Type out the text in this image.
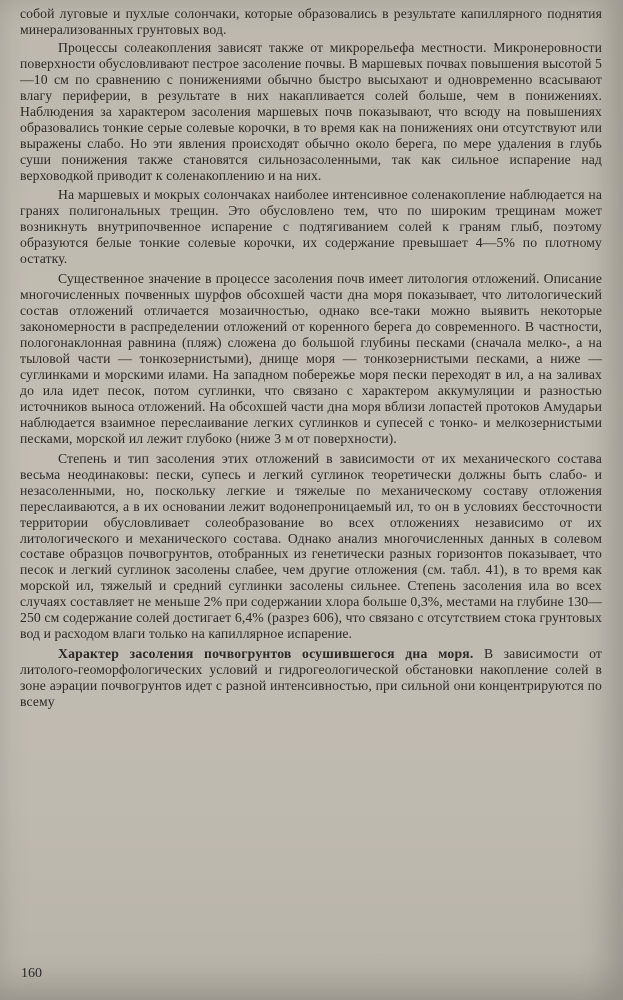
собой луговые и пухлые солончаки, которые образовались в результате капиллярного поднятия минерализованных грунтовых вод.

Процессы солеакопления зависят также от микрорельефа местности. Микронеровности поверхности обусловливают пестрое засоление почвы. В маршевых почвах повышения высотой 5—10 см по сравнению с понижениями обычно быстро высыхают и одновременно всасывают влагу периферии, в результате в них накапливается солей больше, чем в понижениях. Наблюдения за характером засоления маршевых почв показывают, что всюду на повышениях образовались тонкие серые солевые корочки, в то время как на понижениях они отсутствуют или выражены слабо. Но эти явления происходят обычно около берега, по мере удаления в глубь суши понижения также становятся сильнозасоленными, так как сильное испарение над верховодкой приводит к соленакоплению и на них.

На маршевых и мокрых солончаках наиболее интенсивное соленакопление наблюдается на гранях полигональных трещин. Это обусловлено тем, что по широким трещинам может возникнуть внутрипочвенное испарение с подтягиванием солей к граням глыб, поэтому образуются белые тонкие солевые корочки, их содержание превышает 4—5% по плотному остатку.

Существенное значение в процессе засоления почв имеет литология отложений. Описание многочисленных почвенных шурфов обсохшей части дна моря показывает, что литологический состав отложений отличается мозаичностью, однако все-таки можно выявить некоторые закономерности в распределении отложений от коренного берега до современного. В частности, пологонаклонная равнина (пляж) сложена до большой глубины песками (сначала мелко-, а на тыловой части — тонкозернистыми), днище моря — тонкозернистыми песками, а ниже — суглинками и морскими илами. На западном побережье моря пески переходят в ил, а на заливах до ила идет песок, потом суглинки, что связано с характером аккумуляции и разностью источников выноса отложений. На обсохшей части дна моря вблизи лопастей протоков Амударьи наблюдается взаимное переслаивание легких суглинков и супесей с тонко- и мелкозернистыми песками, морской ил лежит глубоко (ниже 3 м от поверхности).

Степень и тип засоления этих отложений в зависимости от их механического состава весьма неодинаковы: пески, супесь и легкий суглинок теоретически должны быть слабо- и незасоленными, но, поскольку легкие и тяжелые по механическому составу отложения переслаиваются, а в их основании лежит водонепроницаемый ил, то он в условиях бессточности территории обусловливает солеобразование во всех отложениях независимо от их литологического и механического состава. Однако анализ многочисленных данных в солевом составе образцов почвогрунтов, отобранных из генетически разных горизонтов показывает, что песок и легкий суглинок засолены слабее, чем другие отложения (см. табл. 41), в то время как морской ил, тяжелый и средний суглинки засолены сильнее. Степень засоления ила во всех случаях составляет не меньше 2% при содержании хлора больше 0,3%, местами на глубине 130—250 см содержание солей достигает 6,4% (разрез 606), что связано с отсутствием стока грунтовых вод и расходом влаги только на капиллярное испарение.

Характер засоления почвогрунтов осушившегося дна моря. В зависимости от литолого-геоморфологических условий и гидрогеологической обстановки накопление солей в зоне аэрации почвогрунтов идет с разной интенсивностью, при сильной они концентрируются по всему

160
